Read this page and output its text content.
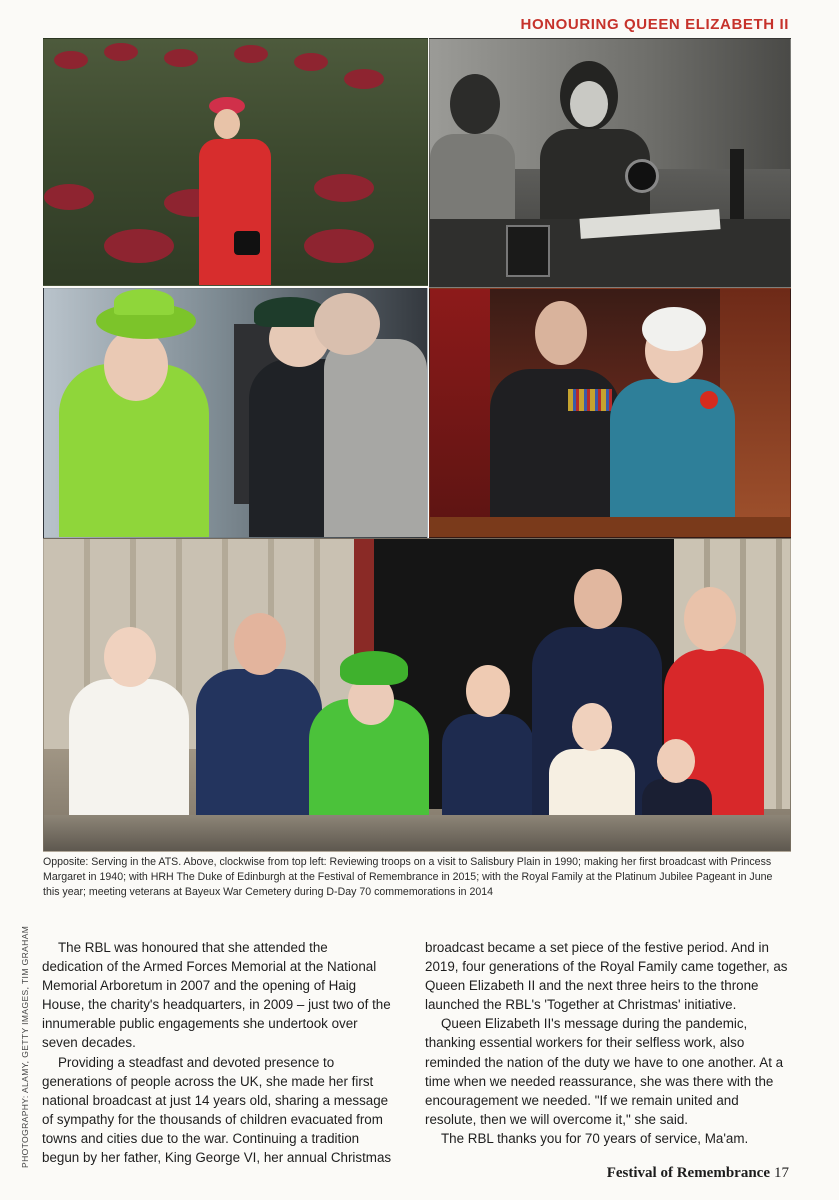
HONOURING QUEEN ELIZABETH II
Opposite: Serving in the ATS. Above, clockwise from top left: Reviewing troops on a visit to Salisbury Plain in 1990; making her first broadcast with Princess Margaret in 1940; with HRH The Duke of Edinburgh at the Festival of Remembrance in 2015; with the Royal Family at the Platinum Jubilee Pageant in June this year; meeting veterans at Bayeux War Cemetery during D-Day 70 commemorations in 2014
PHOTOGRAPHY: ALAMY, GETTY IMAGES, TIM GRAHAM	The RBL was honoured that she attended the dedication of the Armed Forces Memorial at the National Memorial Arboretum in 2007 and the opening of Haig House, the charity's headquarters, in 2009 – just two of the innumerable public engagements she undertook over seven decades.

Providing a steadfast and devoted presence to generations of people across the UK, she made her first national broadcast at just 14 years old, sharing a message of sympathy for the thousands of children evacuated from towns and cities due to the war. Continuing a tradition begun by her father, King George VI, her annual Christmas

broadcast became a set piece of the festive period. And in 2019, four generations of the Royal Family came together, as Queen Elizabeth II and the next three heirs to the throne launched the RBL's 'Together at Christmas' initiative.

Queen Elizabeth II's message during the pandemic, thanking essential workers for their selfless work, also reminded the nation of the duty we have to one another. At a time when we needed reassurance, she was there with the encouragement we needed. "If we remain united and resolute, then we will overcome it," she said.

The RBL thanks you for 70 years of service, Ma'am.

Festival of Remembrance 17
